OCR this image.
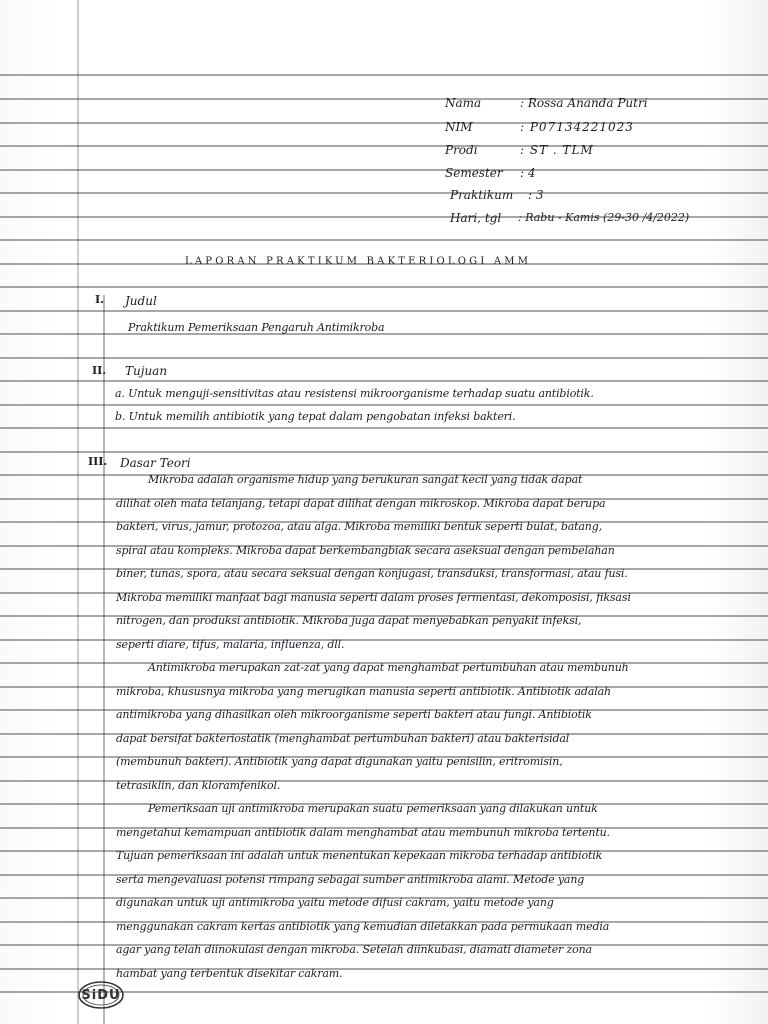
Nama	: Rossa Ananda Putri
NIM	: P07134221023
Prodi	: ST . TLM
Semester : 4
Praktikum : 3
Hari, tgl : Rabu - Kamis (29-30 /4/2022)
LAPORAN PRAKTIKUM BAKTERIOLOGI AMM
I. Judul
Praktikum Pemeriksaan Pengaruh Antimikroba
II. Tujuan
a. Untuk menguji-sensitivitas atau resistensi mikroorganisme terhadap suatu antibiotik.
b. Untuk memilih antibiotik yang tepat dalam pengobatan infeksi bakteri.
III. Dasar Teori
Mikroba adalah organisme hidup yang berukuran sangat kecil yang tidak dapat
dilihat oleh mata telanjang, tetapi dapat dilihat dengan mikroskop. Mikroba dapat berupa
bakteri, virus, jamur, protozoa, atau alga. Mikroba memiliki bentuk seperti bulat, batang,
spiral atau kompleks. Mikroba dapat berkembangbiak secara aseksual dengan pembelahan
biner, tunas, spora, atau secara seksual dengan konjugasi, transduksi, transformasi, atau fusi.
Mikroba memiliki manfaat bagi manusia seperti dalam proses fermentasi, dekomposisi, fiksasi
nitrogen, dan produksi antibiotik. Mikroba juga dapat menyebabkan penyakit infeksi,
seperti diare, tifus, malaria, influenza, dll.
Antimikroba merupakan zat-zat yang dapat menghambat pertumbuhan atau membunuh
mikroba, khususnya mikroba yang merugikan manusia seperti antibiotik. Antibiotik adalah
antimikroba yang dihasilkan oleh mikroorganisme seperti bakteri atau fungi. Antibiotik
dapat bersifat bakteriostatik (menghambat pertumbuhan bakteri) atau bakterisidal
(membunuh bakteri). Antibiotik yang dapat digunakan yaitu penisilin, eritromisin,
tetrasiklin, dan kloramfenikol.
Pemeriksaan uji antimikroba merupakan suatu pemeriksaan yang dilakukan untuk
mengetahui kemampuan antibiotik dalam menghambat atau membunuh mikroba tertentu.
Tujuan pemeriksaan ini adalah untuk menentukan kepekaan mikroba terhadap antibiotik
serta mengevaluasi potensi rimpang sebagai sumber antimikroba alami. Metode yang
digunakan untuk uji antimikroba yaitu metode difusi cakram, yaitu metode yang
menggunakan cakram kertas antibiotik yang kemudian diletakkan pada permukaan media
agar yang telah diinokulasi dengan mikroba. Setelah diinkubasi, diamati diameter zona
hambat yang terbentuk disekitar cakram.
SiDU
